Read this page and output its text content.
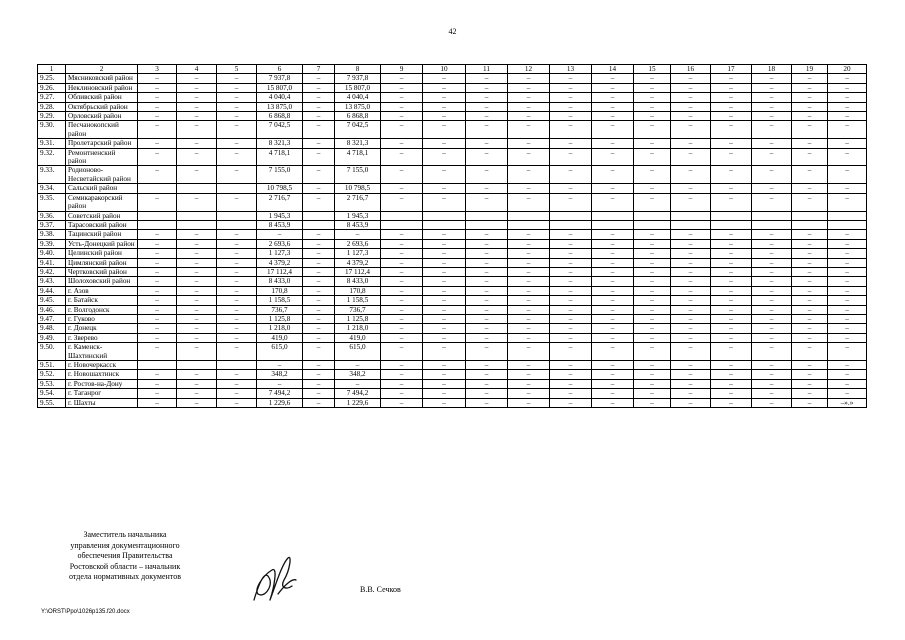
42
1	2	3	4	5	6	7	8	9	10	11	12	13	14	15	16	17	18	19	20
9.25.	Мясниковский район	–	–	–	7 937,8	–	7 937,8	–	–	–	–	–	–	–	–	–	–	–	–
9.26.	Неклиновский район	–	–	–	15 807,0	–	15 807,0	–	–	–	–	–	–	–	–	–	–	–	–
9.27.	Обливский район	–	–	–	4 040,4	–	4 040,4	–	–	–	–	–	–	–	–	–	–	–	–
9.28.	Октябрьский район	–	–	–	13 875,0	–	13 875,0	–	–	–	–	–	–	–	–	–	–	–	–
9.29.	Орловский район	–	–	–	6 868,8	–	6 868,8	–	–	–	–	–	–	–	–	–	–	–	–
9.30.	Песчанокопский район	–	–	–	7 042,5	–	7 042,5	–	–	–	–	–	–	–	–	–	–	–	–
9.31.	Пролетарский район	–	–	–	8 321,3	–	8 321,3	–	–	–	–	–	–	–	–	–	–	–	–
9.32.	Ремонтненский район	–	–	–	4 718,1	–	4 718,1	–	–	–	–	–	–	–	–	–	–	–	–
9.33.	Родионово-Несветайский район	–	–	–	7 155,0	–	7 155,0	–	–	–	–	–	–	–	–	–	–	–	–
9.34.	Сальский район				10 798,5	–	10 798,5	–	–	–	–	–	–	–	–	–	–	–	–
9.35.	Семикаракорский район	–	–	–	2 716,7	–	2 716,7	–	–	–	–	–	–	–	–	–	–	–	–
9.36.	Советский район				1 945,3		1 945,3												
9.37.	Тарасовский район				8 453,9		8 453,9												
9.38.	Тацинский район	–	–	–	–	–	–	–	–	–	–	–	–	–	–	–	–	–	–
9.39.	Усть-Донецкий район	–	–	–	2 693,6	–	2 693,6	–	–	–	–	–	–	–	–	–	–	–	–
9.40.	Целинский район	–	–	–	1 127,3	–	1 127,3	–	–	–	–	–	–	–	–	–	–	–	–
9.41.	Цимлянский район	–	–	–	4 379,2	–	4 379,2	–	–	–	–	–	–	–	–	–	–	–	–
9.42.	Чертковский район	–	–	–	17 112,4	–	17 112,4	–	–	–	–	–	–	–	–	–	–	–	–
9.43.	Шолоховский район	–	–	–	8 433,0	–	8 433,0	–	–	–	–	–	–	–	–	–	–	–	–
9.44.	г. Азов	–	–	–	170,8	–	170,8	–	–	–	–	–	–	–	–	–	–	–	–
9.45.	г. Батайск	–	–	–	1 158,5	–	1 158,5	–	–	–	–	–	–	–	–	–	–	–	–
9.46.	г. Волгодонск	–	–	–	736,7	–	736,7	–	–	–	–	–	–	–	–	–	–	–	–
9.47.	г. Гуково	–	–	–	1 125,8	–	1 125,8	–	–	–	–	–	–	–	–	–	–	–	–
9.48.	г. Донецк	–	–	–	1 218,0	–	1 218,0	–	–	–	–	–	–	–	–	–	–	–	–
9.49.	г. Зверево	–	–	–	419,0	–	419,0	–	–	–	–	–	–	–	–	–	–	–	–
9.50.	г. Каменск-Шахтинский	–	–	–	615,0	–	615,0	–	–	–	–	–	–	–	–	–	–	–	–
9.51.	г. Новочеркасск				–	–	–	–	–	–	–	–	–	–	–	–	–	–	–
9.52.	г. Новошахтинск	–	–	–	348,2	–	348,2	–	–	–	–	–	–	–	–	–	–	–	–
9.53.	г. Ростов-на-Дону	–	–	–	–	–	–	–	–	–	–	–	–	–	–	–	–	–	–
9.54.	г. Таганрог	–	–	–	7 494,2	–	7 494,2	–	–	–	–	–	–	–	–	–	–	–	–
9.55.	г. Шахты	–	–	–	1 229,6	–	1 229,6	–	–	–	–	–	–	–	–	–	–	–	–».»
Заместитель начальника
управления документационного
обеспечения Правительства
Ростовской области – начальник
отдела нормативных документов
В.В. Сечков
Y:\ORST\Ppo\1026p135.f20.docx
